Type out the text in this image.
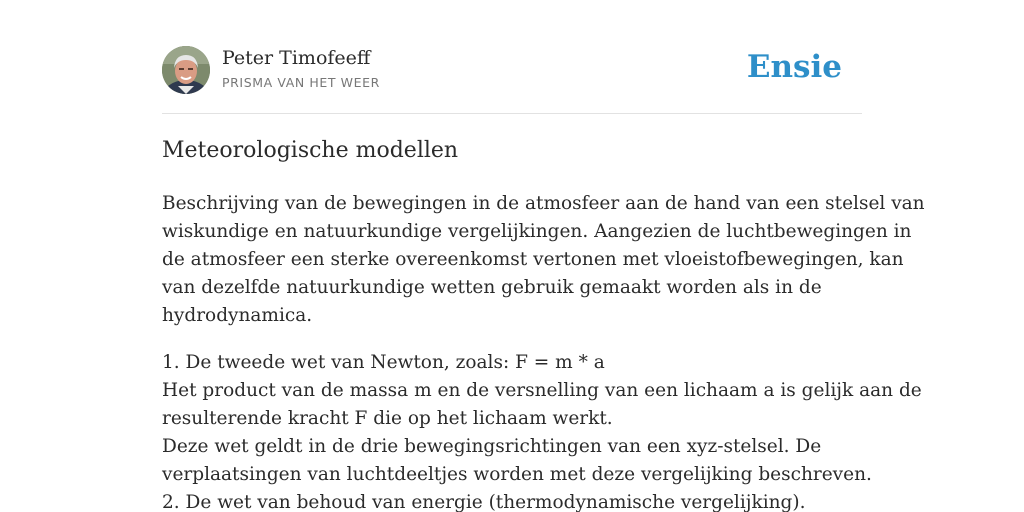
Peter Timofeeff
PRISMA VAN HET WEER	Ensie
Meteorologische modellen

Beschrijving van de bewegingen in de atmosfeer aan de hand van een stelsel van
wiskundige en natuurkundige vergelijkingen. Aangezien de luchtbewegingen in
de atmosfeer een sterke overeenkomst vertonen met vloeistofbewegingen, kan
van dezelfde natuurkundige wetten gebruik gemaakt worden als in de
hydrodynamica.

1. De tweede wet van Newton, zoals: F = m * a
Het product van de massa m en de versnelling van een lichaam a is gelijk aan de
resulterende kracht F die op het lichaam werkt.
Deze wet geldt in de drie bewegingsrichtingen van een xyz-stelsel. De
verplaatsingen van luchtdeeltjes worden met deze vergelijking beschreven.
2. De wet van behoud van energie (thermodynamische vergelijking).
